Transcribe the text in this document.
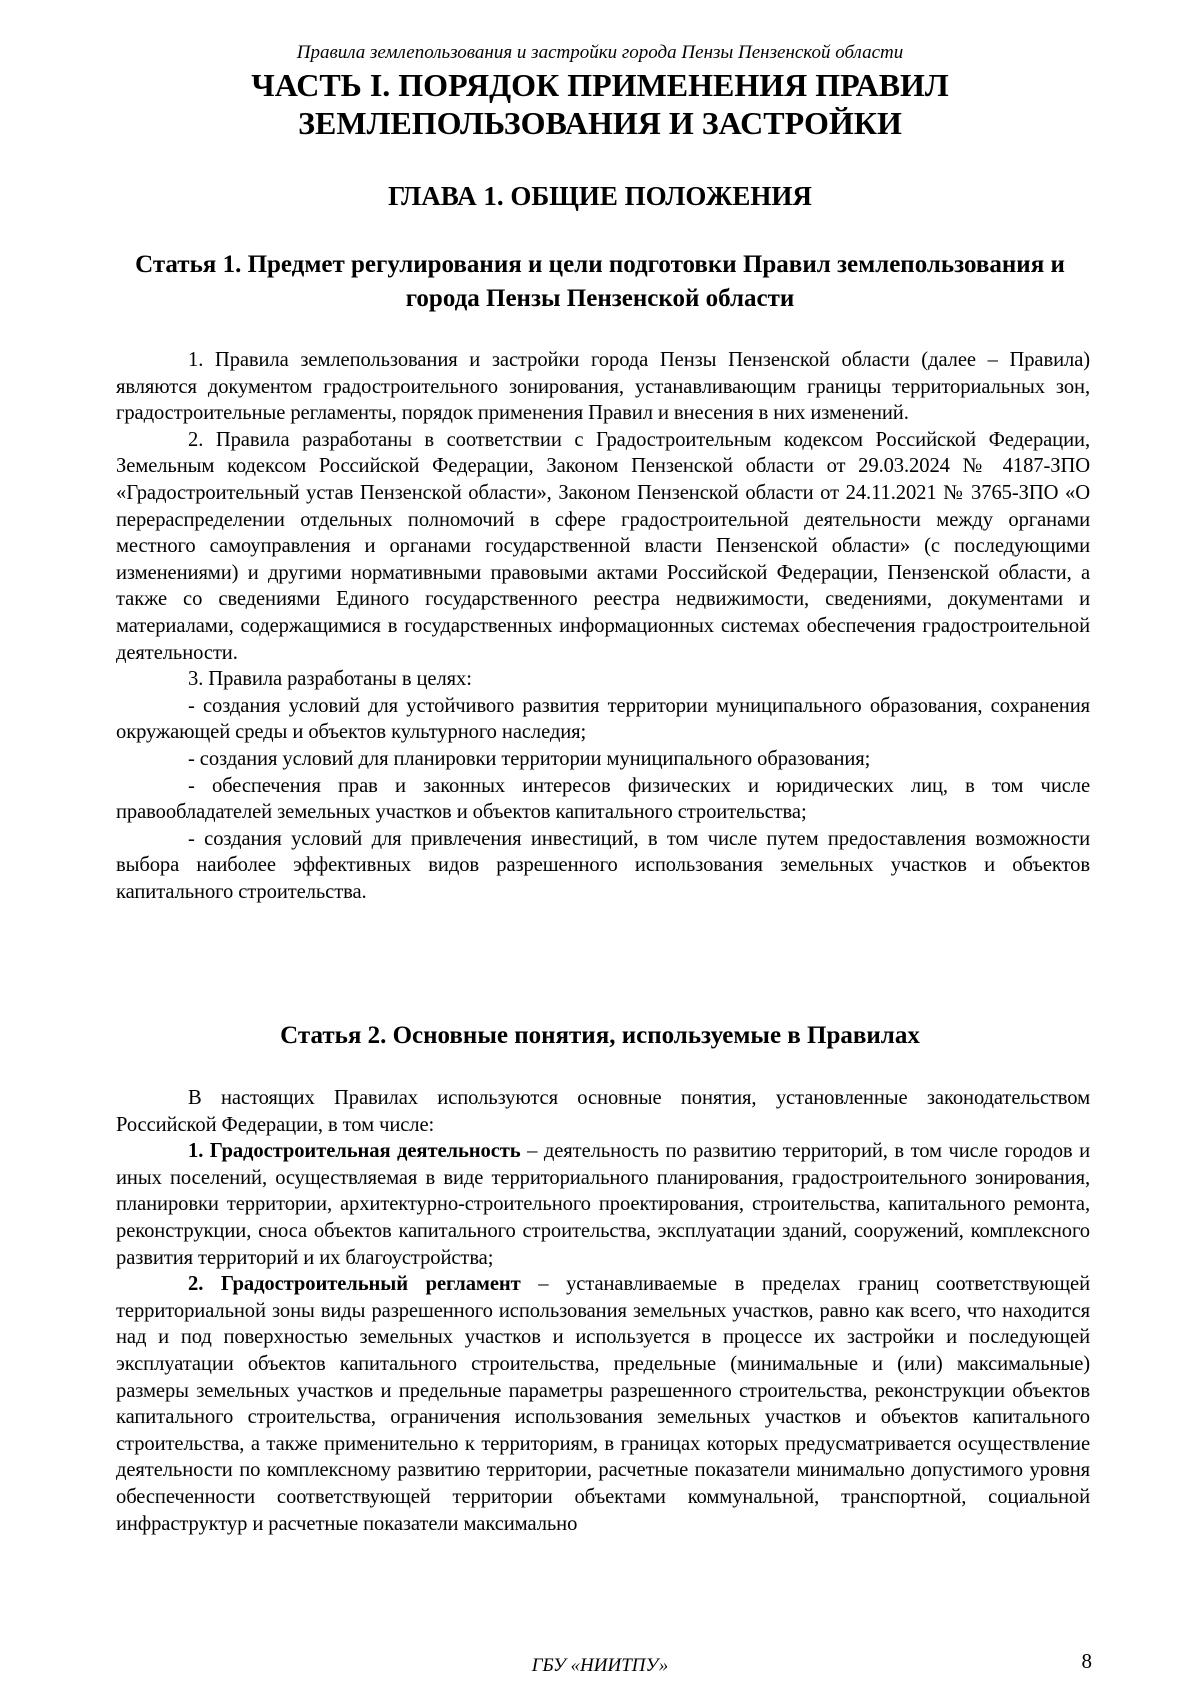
Правила землепользования и застройки города Пензы Пензенской области
ЧАСТЬ I. ПОРЯДОК ПРИМЕНЕНИЯ ПРАВИЛ ЗЕМЛЕПОЛЬЗОВАНИЯ И ЗАСТРОЙКИ
ГЛАВА 1. ОБЩИЕ ПОЛОЖЕНИЯ
Статья 1. Предмет регулирования и цели подготовки Правил землепользования и города Пензы Пензенской области

1. Правила землепользования и застройки города Пензы Пензенской области (далее – Правила) являются документом градостроительного зонирования, устанавливающим границы территориальных зон, градостроительные регламенты, порядок применения Правил и внесения в них изменений.

2. Правила разработаны в соответствии с Градостроительным кодексом Российской Федерации, Земельным кодексом Российской Федерации, Законом Пензенской области от 29.03.2024 № 4187-ЗПО «Градостроительный устав Пензенской области», Законом Пензенской области от 24.11.2021 № 3765-ЗПО «О перераспределении отдельных полномочий в сфере градостроительной деятельности между органами местного самоуправления и органами государственной власти Пензенской области» (с последующими изменениями) и другими нормативными правовыми актами Российской Федерации, Пензенской области, а также со сведениями Единого государственного реестра недвижимости, сведениями, документами и материалами, содержащимися в государственных информационных системах обеспечения градостроительной деятельности.

3. Правила разработаны в целях:

- создания условий для устойчивого развития территории муниципального образования, сохранения окружающей среды и объектов культурного наследия;

- создания условий для планировки территории муниципального образования;

- обеспечения прав и законных интересов физических и юридических лиц, в том числе правообладателей земельных участков и объектов капитального строительства;

- создания условий для привлечения инвестиций, в том числе путем предоставления возможности выбора наиболее эффективных видов разрешенного использования земельных участков и объектов капитального строительства.

Статья 2. Основные понятия, используемые в Правилах

В настоящих Правилах используются основные понятия, установленные законодательством Российской Федерации, в том числе:

1. Градостроительная деятельность – деятельность по развитию территорий, в том числе городов и иных поселений, осуществляемая в виде территориального планирования, градостроительного зонирования, планировки территории, архитектурно-строительного проектирования, строительства, капитального ремонта, реконструкции, сноса объектов капитального строительства, эксплуатации зданий, сооружений, комплексного развития территорий и их благоустройства;

2. Градостроительный регламент – устанавливаемые в пределах границ соответствующей территориальной зоны виды разрешенного использования земельных участков, равно как всего, что находится над и под поверхностью земельных участков и используется в процессе их застройки и последующей эксплуатации объектов капитального строительства, предельные (минимальные и (или) максимальные) размеры земельных участков и предельные параметры разрешенного строительства, реконструкции объектов капитального строительства, ограничения использования земельных участков и объектов капитального строительства, а также применительно к территориям, в границах которых предусматривается осуществление деятельности по комплексному развитию территории, расчетные показатели минимально допустимого уровня обеспеченности соответствующей территории объектами коммунальной, транспортной, социальной инфраструктур и расчетные показатели максимально

ГБУ «НИИТПУ»	8
